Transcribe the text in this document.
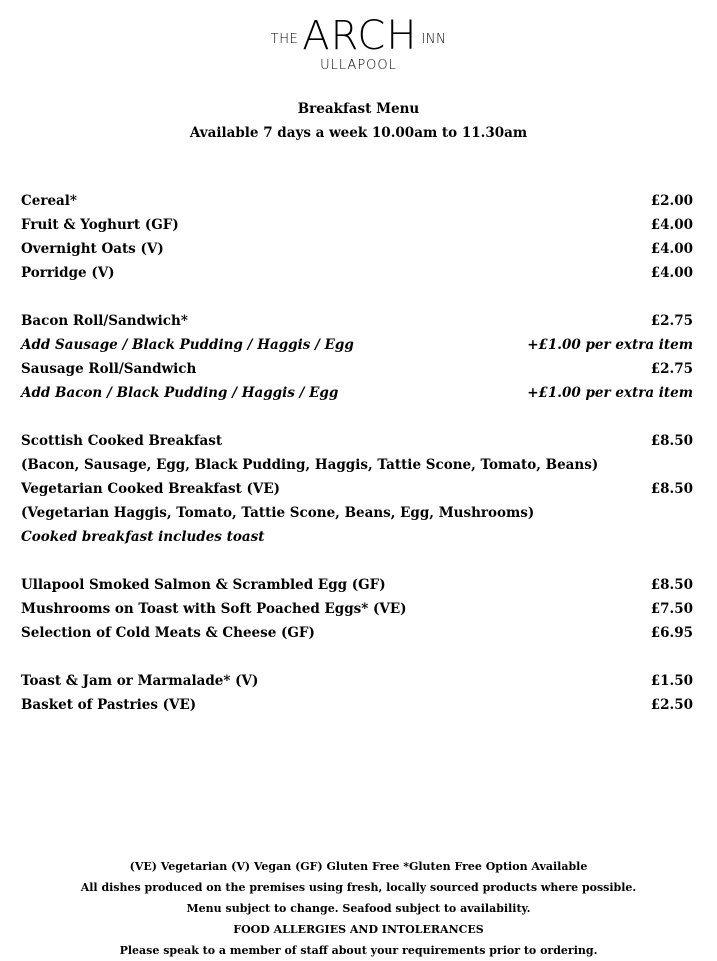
THE ARCH INN
ULLAPOOL
Breakfast Menu
Available 7 days a week 10.00am to 11.30am
Cereal*	£2.00
Fruit & Yoghurt (GF)	£4.00
Overnight Oats (V)	£4.00
Porridge (V)	£4.00
Bacon Roll/Sandwich*	£2.75
Add Sausage / Black Pudding / Haggis / Egg	+£1.00 per extra item
Sausage Roll/Sandwich	£2.75
Add Bacon / Black Pudding / Haggis / Egg	+£1.00 per extra item
Scottish Cooked Breakfast	£8.50
(Bacon, Sausage, Egg, Black Pudding, Haggis, Tattie Scone, Tomato, Beans)
Vegetarian Cooked Breakfast (VE)	£8.50
(Vegetarian Haggis, Tomato, Tattie Scone, Beans, Egg, Mushrooms)
Cooked breakfast includes toast
Ullapool Smoked Salmon & Scrambled Egg (GF)	£8.50
Mushrooms on Toast with Soft Poached Eggs* (VE)	£7.50
Selection of Cold Meats & Cheese (GF)	£6.95
Toast & Jam or Marmalade* (V)	£1.50
Basket of Pastries (VE)	£2.50
(VE) Vegetarian (V) Vegan (GF) Gluten Free *Gluten Free Option Available
All dishes produced on the premises using fresh, locally sourced products where possible.
Menu subject to change. Seafood subject to availability.
FOOD ALLERGIES AND INTOLERANCES
Please speak to a member of staff about your requirements prior to ordering.
